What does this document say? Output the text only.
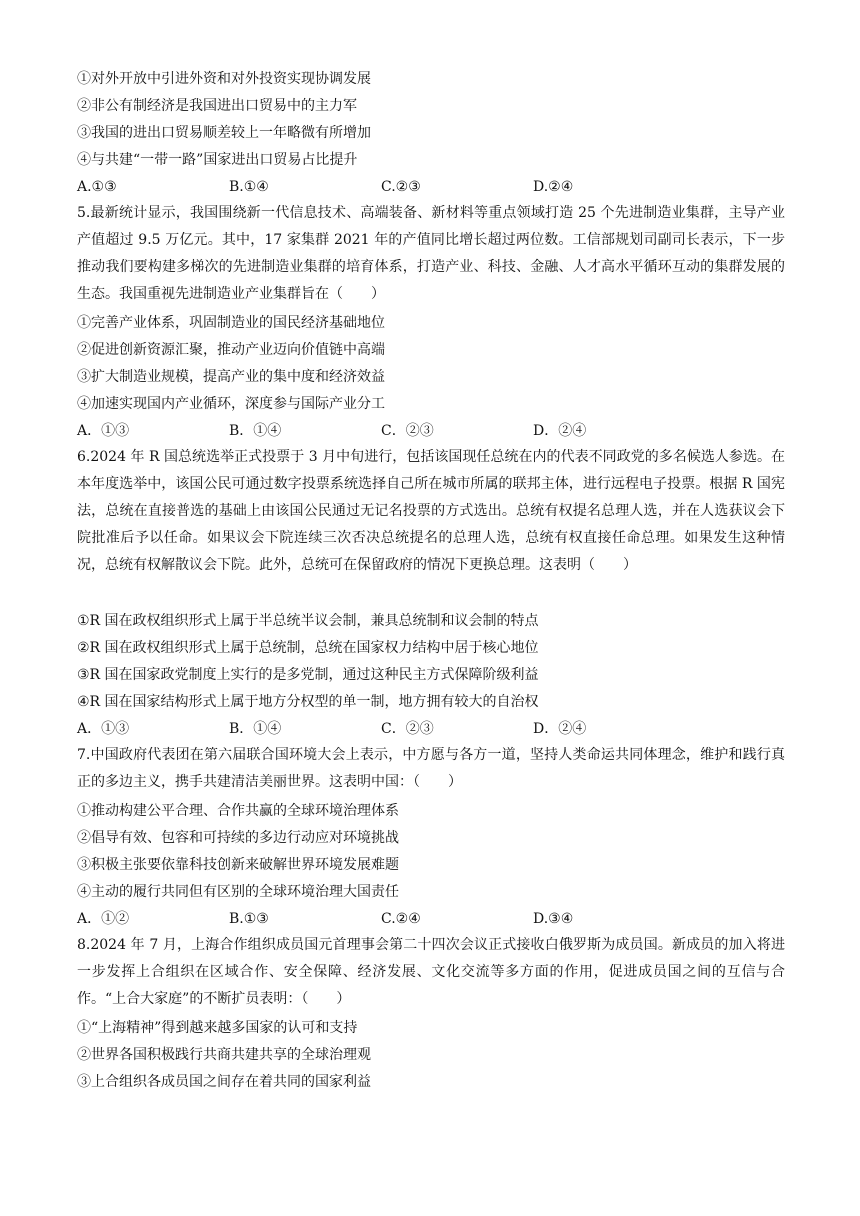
①对外开放中引进外资和对外投资实现协调发展
②非公有制经济是我国进出口贸易中的主力军
③我国的进出口贸易顺差较上一年略微有所增加
④与共建“一带一路”国家进出口贸易占比提升
A.①③	B.①④	C.②③	D.②④
5.最新统计显示，我国围绕新一代信息技术、高端装备、新材料等重点领域打造 25 个先进制造业集群，主导产业产值超过 9.5 万亿元。其中，17 家集群 2021 年的产值同比增长超过两位数。工信部规划司副司长表示，下一步推动我们要构建多梯次的先进制造业集群的培育体系，打造产业、科技、金融、人才高水平循环互动的集群发展的生态。我国重视先进制造业产业集群旨在（　　）
①完善产业体系，巩固制造业的国民经济基础地位
②促进创新资源汇聚，推动产业迈向价值链中高端
③扩大制造业规模，提高产业的集中度和经济效益
④加速实现国内产业循环，深度参与国际产业分工
A．①③	B．①④	C．②③	D．②④
6.2024 年 R 国总统选举正式投票于 3 月中旬进行，包括该国现任总统在内的代表不同政党的多名候选人参选。在本年度选举中，该国公民可通过数字投票系统选择自己所在城市所属的联邦主体，进行远程电子投票。根据 R 国宪法，总统在直接普选的基础上由该国公民通过无记名投票的方式选出。总统有权提名总理人选，并在人选获议会下院批准后予以任命。如果议会下院连续三次否决总统提名的总理人选，总统有权直接任命总理。如果发生这种情况，总统有权解散议会下院。此外，总统可在保留政府的情况下更换总理。这表明（　　）
①R 国在政权组织形式上属于半总统半议会制，兼具总统制和议会制的特点
②R 国在政权组织形式上属于总统制，总统在国家权力结构中居于核心地位
③R 国在国家政党制度上实行的是多党制，通过这种民主方式保障阶级利益
④R 国在国家结构形式上属于地方分权型的单一制，地方拥有较大的自治权
A．①③	B．①④	C．②③	D．②④
7.中国政府代表团在第六届联合国环境大会上表示，中方愿与各方一道，坚持人类命运共同体理念，维护和践行真正的多边主义，携手共建清洁美丽世界。这表明中国：（　　）
①推动构建公平合理、合作共赢的全球环境治理体系
②倡导有效、包容和可持续的多边行动应对环境挑战
③积极主张要依靠科技创新来破解世界环境发展难题
④主动的履行共同但有区别的全球环境治理大国责任
A．①②	B.①③	C.②④	D.③④
8.2024 年 7 月，上海合作组织成员国元首理事会第二十四次会议正式接收白俄罗斯为成员国。新成员的加入将进一步发挥上合组织在区域合作、安全保障、经济发展、文化交流等多方面的作用，促进成员国之间的互信与合作。“上合大家庭”的不断扩员表明：（　　）
①“上海精神”得到越来越多国家的认可和支持
②世界各国积极践行共商共建共享的全球治理观
③上合组织各成员国之间存在着共同的国家利益
